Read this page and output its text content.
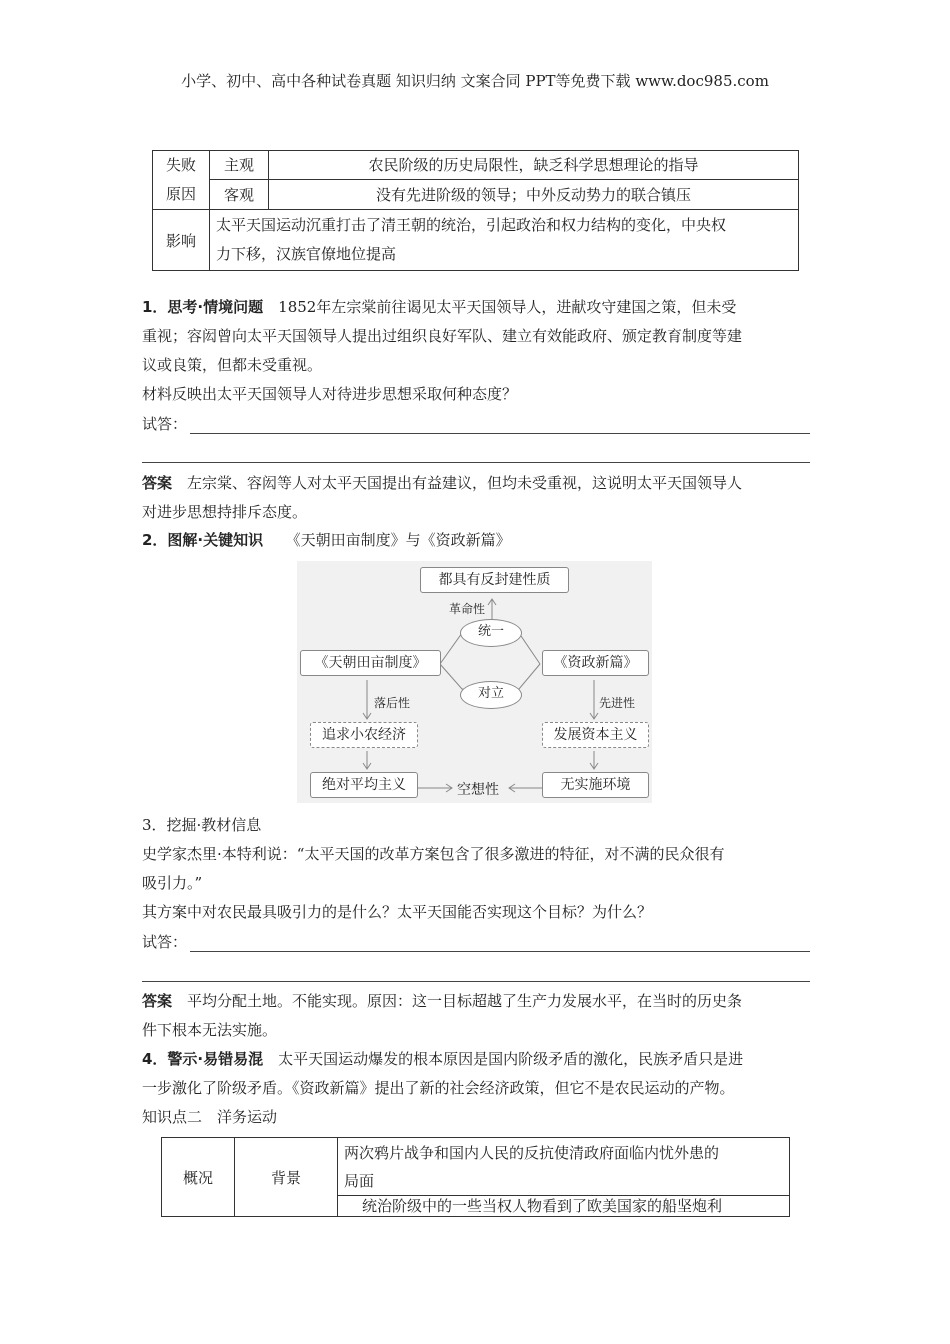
小学、初中、高中各种试卷真题 知识归纳 文案合同 PPT等免费下载 www.doc985.com
失败
原因	主观	农民阶级的历史局限性，缺乏科学思想理论的指导
	客观	没有先进阶级的领导；中外反动势力的联合镇压
影响	太平天国运动沉重打击了清王朝的统治，引起政治和权力结构的变化，中央权
力下移，汉族官僚地位提高	
1．思考·情境问题　 1852年左宗棠前往谒见太平天国领导人，进献攻守建国之策，但未受
重视；容闳曾向太平天国领导人提出过组织良好军队、建立有效能政府、颁定教育制度等建
议或良策，但都未受重视。
材料反映出太平天国领导人对待进步思想采取何种态度？
试答：
答案　 左宗棠、容闳等人对太平天国提出有益建议，但均未受重视，这说明太平天国领导人
对进步思想持排斥态度。
2．图解·关键知识　　 《天朝田亩制度》与《资政新篇》
都具有反封建性质
革命性
统一
《天朝田亩制度》	《资政新篇》
对立
落后性	先进性
追求小农经济	发展资本主义
绝对平均主义	无实施环境
空想性
3．挖掘·教材信息
史学家杰里·本特利说：“太平天国的改革方案包含了很多激进的特征，对不满的民众很有
吸引力。”
其方案中对农民最具吸引力的是什么？太平天国能否实现这个目标？为什么？
试答：
答案　 平均分配土地。不能实现。原因：这一目标超越了生产力发展水平，在当时的历史条
件下根本无法实施。
4．警示·易错易混　 太平天国运动爆发的根本原因是国内阶级矛盾的激化，民族矛盾只是进
一步激化了阶级矛盾。《资政新篇》提出了新的社会经济政策，但它不是农民运动的产物。
知识点二　洋务运动
概况	背景	两次鸦片战争和国内人民的反抗使清政府面临内忧外患的
局面
统治阶级中的一些当权人物看到了欧美国家的船坚炮利
